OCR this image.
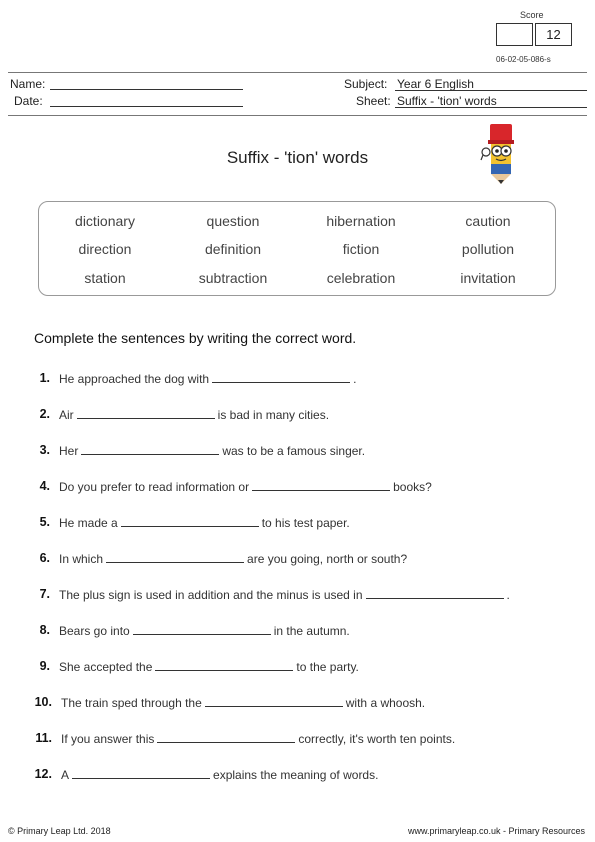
Score
12
06-02-05-086-s
Name:
Date:
Subject: Year 6 English
Sheet: Suffix - 'tion' words
Suffix - 'tion' words
dictionary	question	hibernation	caution
direction	definition	fiction	pollution
station	subtraction	celebration	invitation
Complete the sentences by writing the correct word.
1. He approached the dog with	.
2. Air	is bad in many cities.
3. Her	was to be a famous singer.
4. Do you prefer to read information or	books?
5. He made a	to his test paper.
6. In which	are you going, north or south?
7. The plus sign is used in addition and the minus is used in	.
8. Bears go into	in the autumn.
9. She accepted the	to the party.
10. The train sped through the	with a whoosh.
11. If you answer this	correctly, it's worth ten points.
12. A	explains the meaning of words.
© Primary Leap Ltd. 2018	www.primaryleap.co.uk - Primary Resources
